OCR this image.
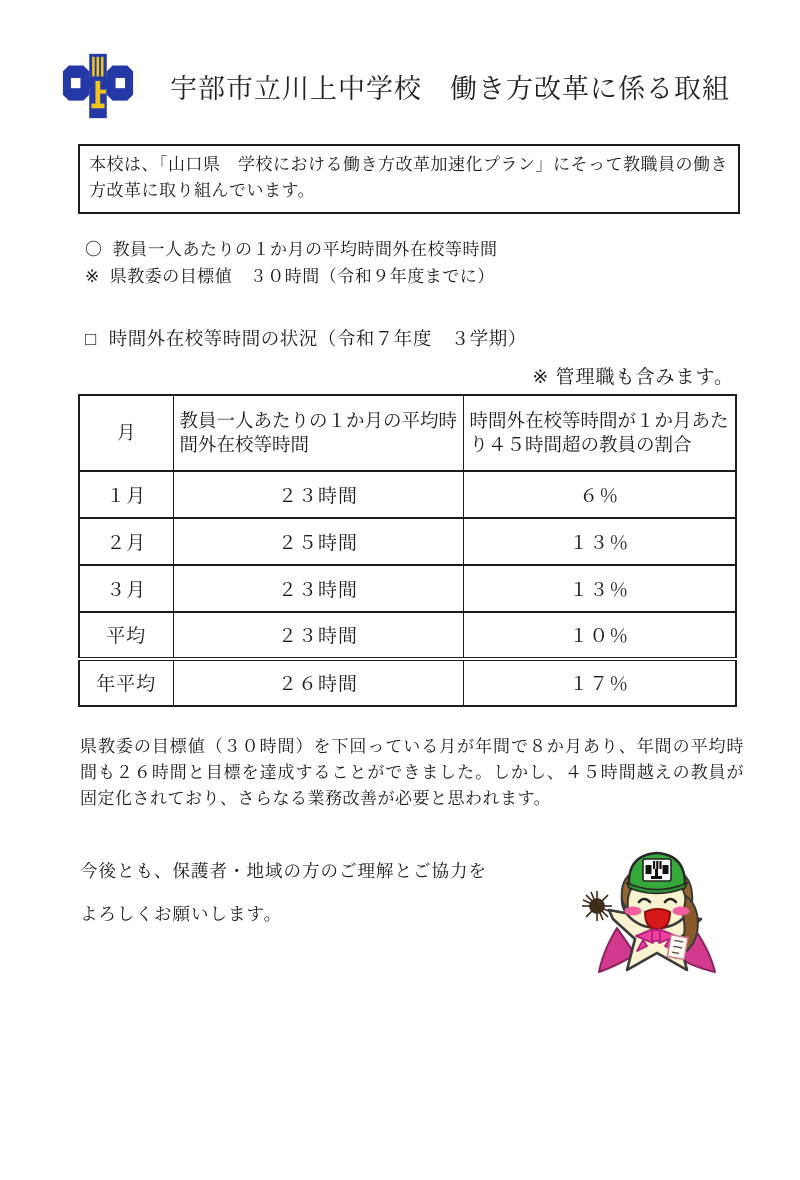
宇部市立川上中学校　働き方改革に係る取組

本校は、「山口県　学校における働き方改革加速化プラン」にそって教職員の働き方改革に取り組んでいます。

〇 教員一人あたりの１か月の平均時間外在校等時間

※ 県教委の目標値　３０時間（令和９年度までに）

□ 時間外在校等時間の状況（令和７年度　３学期）

※ 管理職も含みます。

月	教員一人あたりの１か月の平均時間外在校等時間	時間外在校等時間が１か月あたり４５時間超の教員の割合
１月	２３時間	６％
２月	２５時間	１３％
３月	２３時間	１３％
平均	２３時間	１０％
年平均	２６時間	１７％

県教委の目標値（３０時間）を下回っている月が年間で８か月あり、年間の平均時間も２６時間と目標を達成することができました。しかし、４５時間越えの教員が固定化されており、さらなる業務改善が必要と思われます。

今後とも、保護者・地域の方のご理解とご協力を

よろしくお願いします。
